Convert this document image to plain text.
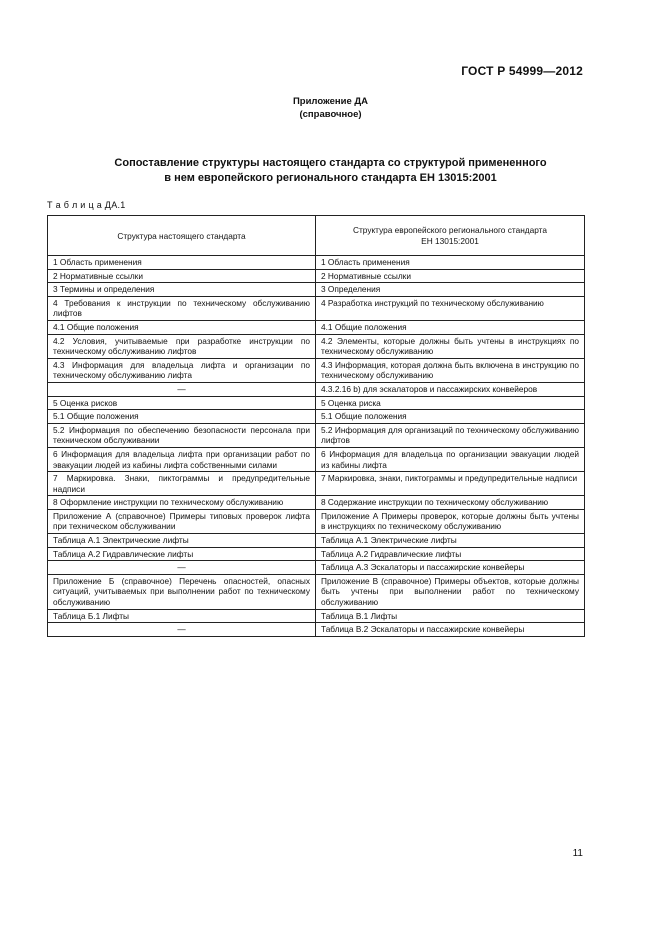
ГОСТ Р 54999—2012
Приложение ДА
(справочное)
Сопоставление структуры настоящего стандарта со структурой примененного
в нем европейского регионального стандарта ЕН 13015:2001
Т а б л и ц а ДА.1
Структура настоящего стандарта	Структура европейского регионального стандарта
ЕН 13015:2001

1 Область применения	1 Область применения
2 Нормативные ссылки	2 Нормативные ссылки
3 Термины и определения	3 Определения
4 Требования к инструкции по техническому обслуживанию лифтов	4 Разработка инструкций по техническому обслуживанию
4.1 Общие положения	4.1 Общие положения
4.2 Условия, учитываемые при разработке инструкции по техническому обслуживанию лифтов	4.2 Элементы, которые должны быть учтены в инструкциях по техническому обслуживанию
4.3 Информация для владельца лифта и организации по техническому обслуживанию лифта	4.3 Информация, которая должна быть включена в инструкцию по техническому обслуживанию
—	4.3.2.16 b) для эскалаторов и пассажирских конвейеров
5 Оценка рисков	5 Оценка риска
5.1 Общие положения	5.1 Общие положения
5.2 Информация по обеспечению безопасности персонала при техническом обслуживании	5.2 Информация для организаций по техническому обслуживанию лифтов
6 Информация для владельца лифта при организации работ по эвакуации людей из кабины лифта собственными силами	6 Информация для владельца по организации эвакуации людей из кабины лифта
7 Маркировка. Знаки, пиктограммы и предупредительные надписи	7 Маркировка, знаки, пиктограммы и предупредительные надписи
8 Оформление инструкции по техническому обслуживанию	8 Содержание инструкции по техническому обслуживанию
Приложение А (справочное) Примеры типовых проверок лифта при техническом обслуживании	Приложение А Примеры проверок, которые должны быть учтены в инструкциях по техническому обслуживанию
Таблица А.1 Электрические лифты	Таблица А.1 Электрические лифты
Таблица А.2 Гидравлические лифты	Таблица А.2 Гидравлические лифты
—	Таблица А.3 Эскалаторы и пассажирские конвейеры
Приложение Б (справочное) Перечень опасностей, опасных ситуаций, учитываемых при выполнении работ по техническому обслуживанию	Приложение В (справочное) Примеры объектов, которые должны быть учтены при выполнении работ по техническому обслуживанию
Таблица Б.1 Лифты	Таблица В.1 Лифты
—	Таблица В.2 Эскалаторы и пассажирские конвейеры
11
